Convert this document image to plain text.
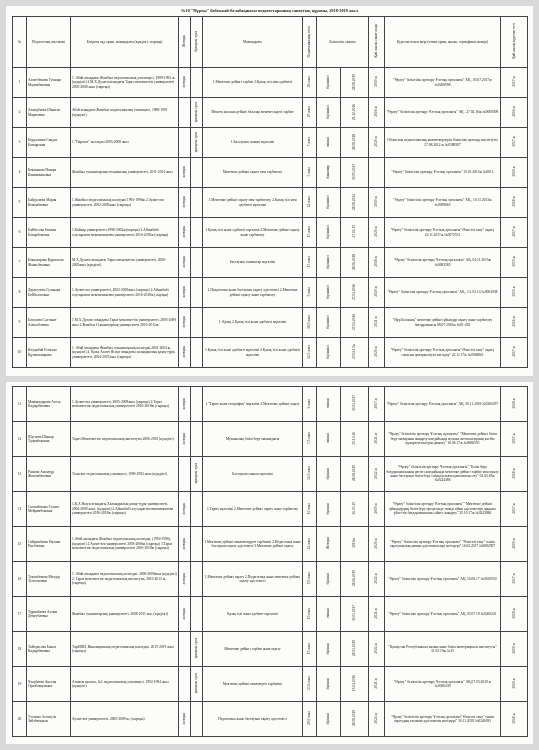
№10 "Нұрлы" бөбекжай-балабақшасы педагогтарының санаттық құрамы, 2018-2019 жыл
№	Педагогтың аты-жөні	Бітірген оқу орны, мамандығы (күндізгі, сыртқы)	Жоғары	Арнаулы орта	Мамандығы	Педагогикалық өтілі	Біліктілік санаты		Қай жылы санат алды	Курстан өткен жері (өткен орны, жылы, сертификат нөмірі)	Қай жылы курстан өтті
1	Ахметбекова Гулнара Маденбековна	1. Абай атындағы Жамбыл педагогикалық училищесі, 1989-1992 ж, (күндізгі) 2.М.Х.Дулати атындағы Тараз мемлекеттік университеті 2005-2008 жыл (сыртқы)	жоғары		1.Мектепке дейінгі тәрбие 2.Қазақ тілі мен әдебиеті	26 жыл	біріншісі	28.08.2019	2019 ж	"Өрлеу" біліктілік арттыру Ұлттық орталығы" АҚ , 05.07.2017ж №0206998	2017 ж
2	Ахмедбаева Шынгыс Маратовна	Абай атындағы Жамбыл педагогикалық училищесі, 1988-1991 (күндізгі)		арнаулы орта	Мектеп жасына дейінгі балалар мекемесіндегі тәрбие	25 жыл	біріншісі	25.12.2016	2016 ж	"Өрлеу" біліктілік арттыру Ұлттық орталығы" АҚ , 27.02.16ж №0060309	2016 ж
3	Бердалиева Сандат Баткаровна	1."Парасат" колледжі 2005-2008 жыл		арнаулы орта	1.Бастауыш сынып мұғалімі	7 жыл	екінші	28.08.2018	2020 ж	Облыстық педагогикалық кызметкерлерін біліктілік арттыру институты 27.08.2012 ж №0388587	2017 ж
4	Бекжанова Назира Канимжановна	Жамбыл гуманитарлық-техникалық университеті, 2011-2014 жыл	жоғары		Мектепке дейінгі оқыту мен тәрбиелеу	3 жыл	бакалавр	30.05.2017		"Өрлеу" біліктілік арттыру Ұлттық орталығы" 15.01.2015ж №0013	2019 ж
5	Байдулаева Мария Кеменбаевна	1.Жамбыл педагогикалық колледжі 1993-1996ж 2.Аулие-ата университеті, 2002-2005жыл (сыртқы)	жоғары		1.Мектепке дейінгі оқыту мен тәрбиелеу, 2.Қазақ тілі мен әдебиеті мұғалімі	22 жыл	біріншісі	28.08.2014	2019 ж	"Өрлеу" біліктілік арттыру Ұлттық орталығы" АҚ., 10.11.2013ж №0059665	2018 ж
6	Байбосова Бекжан Батырбековна	1.Кайнар университеті,1998-2002ж(сыртқы) 2.Айшабибі хлусыратпи мекеменькеева университеті 2016-2018ж (сыртқы)	жоғары		1.Қазақ тілі және әдебиеті мұғалімі 2.Мектепке дейінгі оқыту және тәрбиелеу	13 жыл	біріншісі	27.02.15	2020 ж	"Өрлеу" біліктілік арттыру Ұлттық орталығы" Өзін-өзі тану" оқыту 22.11.2017ж №0072531	2017 ж
7	Бекназарова Қарлыгаш Жанасбековна	М.Х.Дулати атындағы Тараз мемлекеттік университеті, 2000-2005жыл (күндізгі)	жоғары		Бастауыш сыныптар мұғалімі	13 жыл	біріншісі	28.06.2018	2018 ж	"Өрлеу" біліктілік арттыру Ұлттық орталығы" АҚ, 04.11.2015ж №0082385	2015 ж
8	Даулпузова Гульнара Бейболатовна	1.Аулие-ата университеті, 2002-2005жыл (сыртқы) 2.Айшабибі хлусыратпи мекеменькеева университеті 2016-2018ж (сыртқы)	жоғары		1.Педагогика және бастауыш оқыту әдістемесі 2.Мектепке дейінгі оқыту және тәрбиелеу	5 жыл	біріншісі	27.02.2016	2020 ж	"Өрлеу" біліктілік арттыру Ұлттық орталығы" АҚ., 14. 02.14 №0061038	2015 ж
9	Баталова Сәлтанат Алпысбаевна	1.М.Х.Дулати атындағы Тараз мемлекеттік университеті, 2005-2009 жыл 2.Жамбыл Гуманитарлық университеті 2010-2012ж	жоғары		1. Қазақ 2.Қазақ тілі және әдебиеті мұғалімі	16,9 жыл	біріншісі	27.02.2016	2021 ж	"Нұр Болашақ" мектепке дейінгі ұйымдар оқыту және тәрбиелеу бағдарламасы 08.07.2016ж №01-292	2016 ж
10	Калдыбай Есімхан Құтмыханқызы	1. Абай атындағы Жамбыл гуманитарлық колледжі,2001-2004 ж, (күндізгі) 2. Қожа Ахмет Ясауи атындағы халықаралық қазақ-түрік университеті, 2004-2007жыл (сыртқы)	жоғары		1.Қазақ тілі және әдебиеті мұғалімі 2.Қазақ тілі және әдебиеті мұғалімі	12,5 жыл	біріншісі	27.02.17ж	2020 ж	"Өрлеу" біліктілік арттыру Ұлттық орталығы" Өзін-өзі тану" оқыту сапасын жоғарылатуға негіздер" 22.11.17ж №0084861	2017 ж
11	Мамакадирова Асель Кадырбековна	1.Аулие-ата университеті, 2005-2009жыл (сыртқы) 2.Тараз мемлекеттік педагогикалық университеті 2016-2018ж (сыртқы)	жоғары		1."Тарих және география" мұғалімі 2.Мектепке дейінгі оқыту	6 жыл	екінші	30.01.2017	2017 ж	"Өрлеу" біліктілік арттыру Ұлттық орталығы" АҚ, 30.11.2018 №0260297	2018 ж
12	Шугаева Шынар Тадинбековна	Тараз Мемлекеттік педагогикалық институты 2006-2010 (күндізгі)	жоғары		Музыкалық білім беру мамандығы	7,5 жыл	екінші	25.10.16	2021 ж	"Өрлеу" біліктілік арттыру Ұлттық орталығы" "Мектепке дейінгі білім беру мазмұнын жаңарту жағдайында музыка жетекшілерінің кәсіби құзыреттіліктерін дамыту" 16.06.17ж №0066555	2017 ж
13	Рашова Амантұр Жасымбековна	Таласкәт педагогикалық училищесі, 1990-1992 жыл (күндізгі)		арнаулы орта	Бастауыш сынып мұғалімі	12,5 жыл	бірінші	28.08.2019	2022 ж	"Өрлеу" біліктілік арттыру Ұлттық орталығы" "Білім беру бағдарламасының негізгі жағдайында мектепке дейінгі тәрбие мен оқыту және бастауыш білім беру сабақтастығы қамтамасыз ету" 02.03.18ж №0224486	2018 ж
14	Сагимбекова Гулнат Мейрамбековна	1.Қ.А.Ясауи атындағы Халықаралық қазақ-түрік университеті, 2004-2009 жыл, (күндізгі) 2.Айшабибі хлусыратпи мекеменькеева университеті 2016-2018ж (сыртқы)	жоғары		1.Тарих мұғалімі 2.Мектепке дейінгі оқыту және тәрбиелеу	10 жыл	бірінші	26.03.15	2019 ж	"Өрлеу" біліктілік арттыру Ұлттық орталығы" "Мектепке дейінгі ұйымдардың білім беру процесінде тиімді ойын әдістемелері арқылы үйлестік бағдарламасына сәйкес жаңарту" 25.10.17ж №0223860	2017 ж
15	Сайрамбаева Раушан Рысбаевна	1.Абай атындағы Жамбыл педагогикалық колледжі, (1994-1996), (күндізгі) 2.Аулие-ата университеті 2003-2006ж (сыртқы) 3.Тараз мемлекеттік педагогикалық университеті 2016-2018ж (сыртқы)	жоғары		1.Мектепке дейінгі мекемелердегі тәрбиеші 2.Педагогика және бастауыш оқыту әдістемесі 3.Мектепке дейінгі оқыту	22 жыл	Жоғары	2019ж	2020 ж	"Өрлеу" біліктілік арттыру Ұлттық орталығы" "Өзін-өзі тану" пәнін оқытушылың маман-әдістемешілері негіздері" 16.02.2017 №0082997	2019 ж
16	Тоқтыбекова Мөлдір Тулегеновна	1. Абай атындағы педагогикалық колледжі, 2006-2009жыл (күндізгі) 2. Тараз мемлекеттік педагогикалық институты, 2010-2013 ж, (сыртқы)	жоғары		1.Мектепке дейінгі оқыту 2.Педагогика және мектепке дейінгі оқыту әдістемесі	9,5 жыл	бірінші	28.06.2019	2022 ж	"Өрлеу" біліктілік арттыру Ұлттық орталығы" АҚ, 16.06.17 №0106550	2017 ж
17	Тұрамбаева Алтын Демеубаевна	Жамбыл гуманитарлық университеті, 2008-2011 жж, (күндізгі)	жоғары		Қазақ тілі және әдебиет мұғалімі	10 жыл	екінші	30.03.2017	2021 ж	"Өрлеу" біліктілік арттыру Ұлттық орталығы" АҚ, 05.07.18 №0260241	2018 ж
18	Тайтұмсова Бакыт Кадырбековна	ТарМПИ, Инновациялық педагогикалық колледжі. 2015-2019 жыл (сыртқы)		арнаулы орта	Мектепке дейінгі тәрбие және оқыту	15 жыл	бірінші	28.01.2019	2024 ж	"Қазақстан Республикасы назым және білім интеграциясы институты" 31.03.19ж №15	2019 ж
19	Ұзорбаева Ақтоты Оразбекқызына	Алматы қаласы, №1 педагогикалық училищесі, 1992-1994 жыл (күндізгі)		арнаулы орта	Мектепке дейінгі мекемедегі тәрбиеші	23,6 жыл	бірінші	15.04.2016	2021 ж	"Өрлеу" біліктілік арттыру Ұлттық орталығы" АҚ,07.03.2019 ж №0050249	2019 ж
20	Утепова Асемгуль Зейтбекқызы	Аулие-ата университеті, 2005-2009 ж, (сыртқы)	жоғары		Педагогика және бастауыш оқыту әдістемесі	29,9 жыл	бірінші	28.08.2019	2024 ж	"Өрлеу" біліктілік арттыру Ұлттық орталығы" Өзін-өзі тану" пәнін оқытудың ғылыми-әдістемелік негіздері" 30.11.2018 №0246393	2018 ж
